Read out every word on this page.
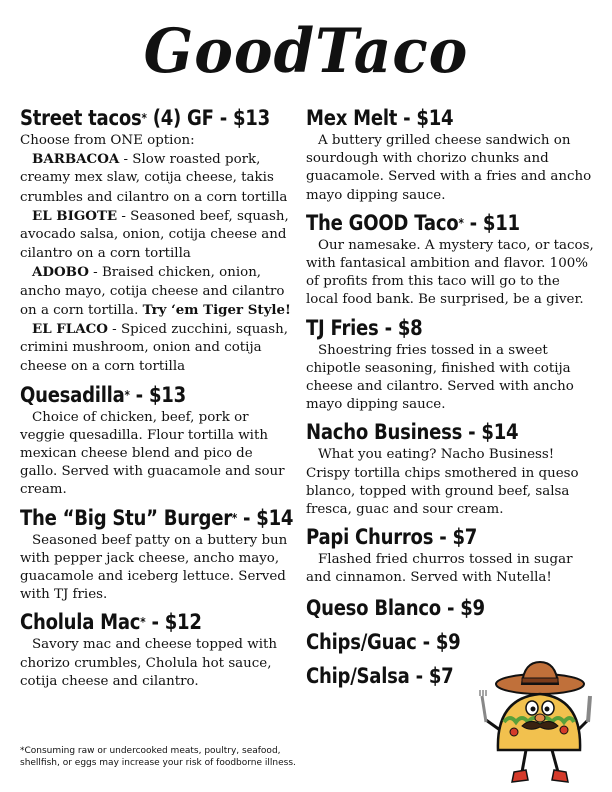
GoodTaco
Street tacos* (4) GF - $13

Choose from ONE option:

BARBACOA - Slow roasted pork, creamy mex slaw, cotija cheese, takis crumbles and cilantro on a corn tortilla

EL BIGOTE - Seasoned beef, squash, avocado salsa, onion, cotija cheese and cilantro on a corn tortilla

ADOBO - Braised chicken, onion, ancho mayo, cotija cheese and cilantro on a corn tortilla. Try ‘em Tiger Style!

EL FLACO - Spiced zucchini, squash, crimini mushroom, onion and cotija cheese on a corn tortilla

Quesadilla* - $13

Choice of chicken, beef, pork or veggie quesadilla. Flour tortilla with mexican cheese blend and pico de gallo. Served with guacamole and sour cream.

The “Big Stu” Burger* - $14

Seasoned beef patty on a buttery bun with pepper jack cheese, ancho mayo, guacamole and iceberg lettuce. Served with TJ fries.

Cholula Mac* - $12

Savory mac and cheese topped with chorizo crumbles, Cholula hot sauce, cotija cheese and cilantro.

*Consuming raw or undercooked meats, poultry, seafood, shellfish, or eggs may increase your risk of foodborne illness.
Mex Melt - $14

A buttery grilled cheese sandwich on sourdough with chorizo chunks and guacamole. Served with a fries and ancho mayo dipping sauce.

The GOOD Taco* - $11

Our namesake. A mystery taco, or tacos, with fantasical ambition and flavor. 100% of profits from this taco will go to the local food bank. Be surprised, be a giver.

TJ Fries - $8

Shoestring fries tossed in a sweet chipotle seasoning, finished with cotija cheese and cilantro. Served with ancho mayo dipping sauce.

Nacho Business - $14

What you eating? Nacho Business! Crispy tortilla chips smothered in queso blanco, topped with ground beef, salsa fresca, guac and sour cream.

Papi Churros - $7

Flashed fried churros tossed in sugar and cinnamon. Served with Nutella!

Queso Blanco - $9
Chips/Guac - $9
Chip/Salsa - $7
